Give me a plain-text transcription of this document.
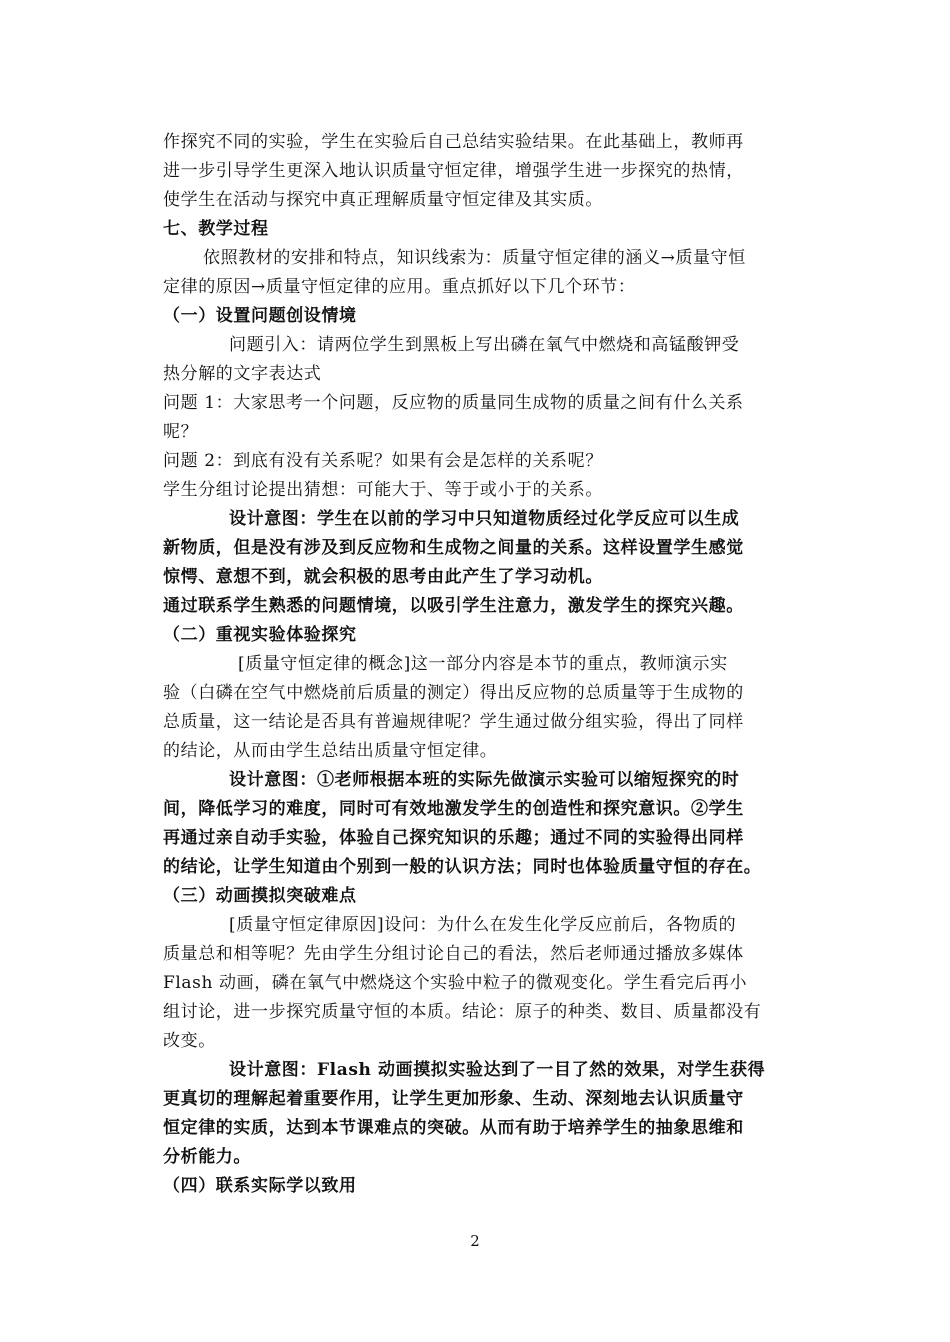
作探究不同的实验，学生在实验后自己总结实验结果。在此基础上，教师再
进一步引导学生更深入地认识质量守恒定律，增强学生进一步探究的热情，
使学生在活动与探究中真正理解质量守恒定律及其实质。
七、教学过程
依照教材的安排和特点，知识线索为：质量守恒定律的涵义→质量守恒
定律的原因→质量守恒定律的应用。重点抓好以下几个环节：
（一）设置问题创设情境
问题引入：请两位学生到黑板上写出磷在氧气中燃烧和高锰酸钾受
热分解的文字表达式
问题 1：大家思考一个问题，反应物的质量同生成物的质量之间有什么关系
呢？
问题 2：到底有没有关系呢？如果有会是怎样的关系呢？
学生分组讨论提出猜想：可能大于、等于或小于的关系。
设计意图：学生在以前的学习中只知道物质经过化学反应可以生成
新物质，但是没有涉及到反应物和生成物之间量的关系。这样设置学生感觉
惊愕、意想不到，就会积极的思考由此产生了学习动机。
通过联系学生熟悉的问题情境，以吸引学生注意力，激发学生的探究兴趣。
（二）重视实验体验探究
[质量守恒定律的概念]这一部分内容是本节的重点，教师演示实
验（白磷在空气中燃烧前后质量的测定）得出反应物的总质量等于生成物的
总质量，这一结论是否具有普遍规律呢？学生通过做分组实验，得出了同样
的结论，从而由学生总结出质量守恒定律。
设计意图：①老师根据本班的实际先做演示实验可以缩短探究的时
间，降低学习的难度，同时可有效地激发学生的创造性和探究意识。②学生
再通过亲自动手实验，体验自己探究知识的乐趣；通过不同的实验得出同样
的结论，让学生知道由个别到一般的认识方法；同时也体验质量守恒的存在。
（三）动画摸拟突破难点
[质量守恒定律原因]设问：为什么在发生化学反应前后，各物质的
质量总和相等呢？先由学生分组讨论自己的看法，然后老师通过播放多媒体
Flash 动画，磷在氧气中燃烧这个实验中粒子的微观变化。学生看完后再小
组讨论，进一步探究质量守恒的本质。结论：原子的种类、数目、质量都没有
改变。
设计意图：Flash 动画摸拟实验达到了一目了然的效果，对学生获得
更真切的理解起着重要作用，让学生更加形象、生动、深刻地去认识质量守
恒定律的实质，达到本节课难点的突破。从而有助于培养学生的抽象思维和
分析能力。
（四）联系实际学以致用
2
